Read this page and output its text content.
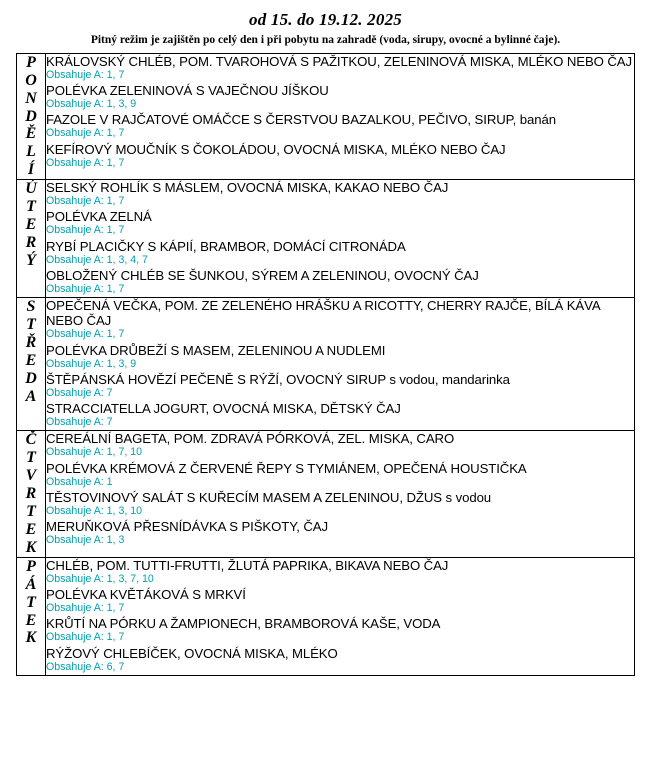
od 15. do 19.12. 2025
Pitný režim je zajištěn po celý den i při pobytu na zahradě (voda, sirupy, ovocné a bylinné čaje).
P
O
N
D
Ě
L
Í

KRÁLOVSKÝ CHLÉB, POM. TVAROHOVÁ S PAŽITKOU, ZELENINOVÁ MISKA, MLÉKO NEBO ČAJ
Obsahuje A: 1, 7
POLÉVKA ZELENINOVÁ S VAJEČNOU JÍŠKOU
Obsahuje A: 1, 3, 9
FAZOLE V RAJČATOVÉ OMÁČCE S ČERSTVOU BAZALKOU, PEČIVO, SIRUP, banán
Obsahuje A: 1, 7
KEFÍROVÝ MOUČNÍK S ČOKOLÁDOU, OVOCNÁ MISKA, MLÉKO NEBO ČAJ
Obsahuje A: 1, 7

Ú
T
E
R
Ý

SELSKÝ ROHLÍK S MÁSLEM, OVOCNÁ MISKA, KAKAO NEBO ČAJ
Obsahuje A: 1, 7
POLÉVKA ZELNÁ
Obsahuje A: 1, 7
RYBÍ PLACIČKY S KÁPIÍ, BRAMBOR, DOMÁCÍ CITRONÁDA
Obsahuje A: 1, 3, 4, 7
OBLOŽENÝ CHLÉB SE ŠUNKOU, SÝREM A ZELENINOU, OVOCNÝ ČAJ
Obsahuje A: 1, 7

S
T
Ř
E
D
A

OPEČENÁ VEČKA, POM. ZE ZELENÉHO HRÁŠKU A RICOTTY, CHERRY RAJČE, BÍLÁ KÁVA NEBO ČAJ
Obsahuje A: 1, 7
POLÉVKA DRŮBEŽÍ S MASEM, ZELENINOU A NUDLEMI
Obsahuje A: 1, 3, 9
ŠTĚPÁNSKÁ HOVĚZÍ PEČENĚ S RÝŽÍ, OVOCNÝ SIRUP s vodou, mandarinka
Obsahuje A: 7
STRACCIATELLA JOGURT, OVOCNÁ MISKA, DĚTSKÝ ČAJ
Obsahuje A: 7

Č
T
V
R
T
E
K

CEREÁLNÍ BAGETA, POM. ZDRAVÁ PÓRKOVÁ, ZEL. MISKA, CARO
Obsahuje A: 1, 7, 10
POLÉVKA KRÉMOVÁ Z ČERVENÉ ŘEPY S TYMIÁNEM, OPEČENÁ HOUSTIČKA
Obsahuje A: 1
TĚSTOVINOVÝ SALÁT S KUŘECÍM MASEM A ZELENINOU, DŽUS s vodou
Obsahuje A: 1, 3, 10
MERUŇKOVÁ PŘESNÍDÁVKA S PIŠKOTY, ČAJ
Obsahuje A: 1, 3

P
Á
T
E
K

CHLÉB, POM. TUTTI-FRUTTI, ŽLUTÁ PAPRIKA, BIKAVA NEBO ČAJ
Obsahuje A: 1, 3, 7, 10
POLÉVKA KVĚTÁKOVÁ S MRKVÍ
Obsahuje A: 1, 7
KRŮTÍ NA PÓRKU A ŽAMPIONECH, BRAMBOROVÁ KAŠE, VODA
Obsahuje A: 1, 7
RÝŽOVÝ CHLEBÍČEK, OVOCNÁ MISKA, MLÉKO
Obsahuje A: 6, 7
